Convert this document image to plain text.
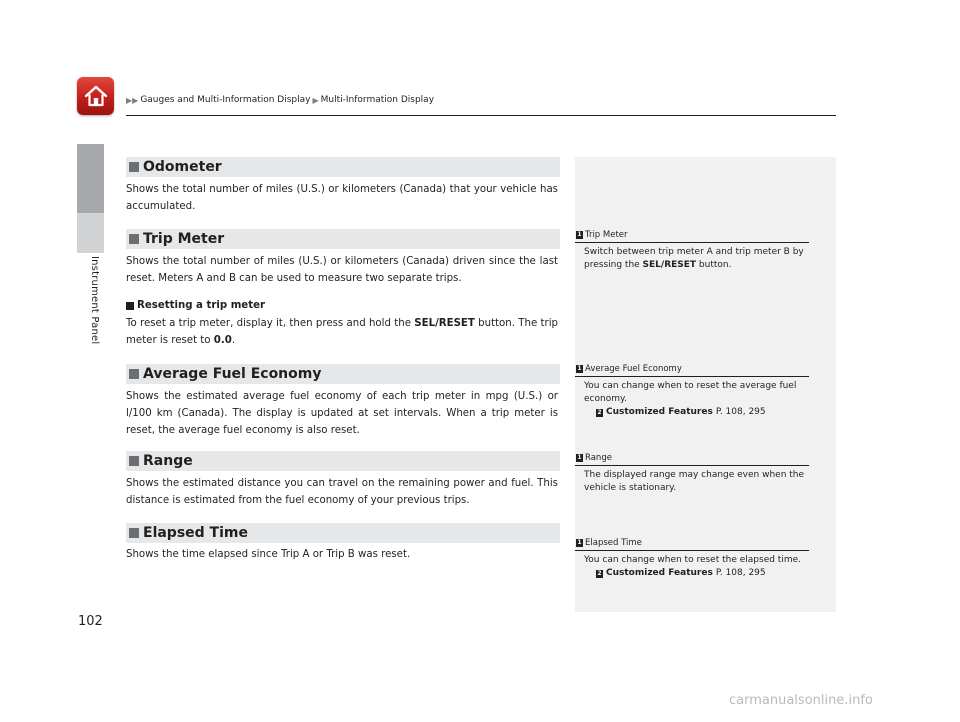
Instrument Panel
102
▶▶ Gauges and Multi-Information Display ▶ Multi-Information Display
Odometer

Shows the total number of miles (U.S.) or kilometers (Canada) that your vehicle has accumulated.

Trip Meter

Shows the total number of miles (U.S.) or kilometers (Canada) driven since the last reset. Meters A and B can be used to measure two separate trips.

Resetting a trip meter

To reset a trip meter, display it, then press and hold the SEL/RESET button. The trip meter is reset to 0.0.

Average Fuel Economy

Shows the estimated average fuel economy of each trip meter in mpg (U.S.) or l/100 km (Canada). The display is updated at set intervals. When a trip meter is reset, the average fuel economy is also reset.

Range

Shows the estimated distance you can travel on the remaining power and fuel. This distance is estimated from the fuel economy of your previous trips.

Elapsed Time

Shows the time elapsed since Trip A or Trip B was reset.

1 Trip Meter
Switch between trip meter A and trip meter B by pressing the SEL/RESET button.
1 Average Fuel Economy
You can change when to reset the average fuel economy.
2 Customized Features P. 108, 295
1 Range
The displayed range may change even when the vehicle is stationary.
1 Elapsed Time
You can change when to reset the elapsed time.
2 Customized Features P. 108, 295
carmanualsonline.info
